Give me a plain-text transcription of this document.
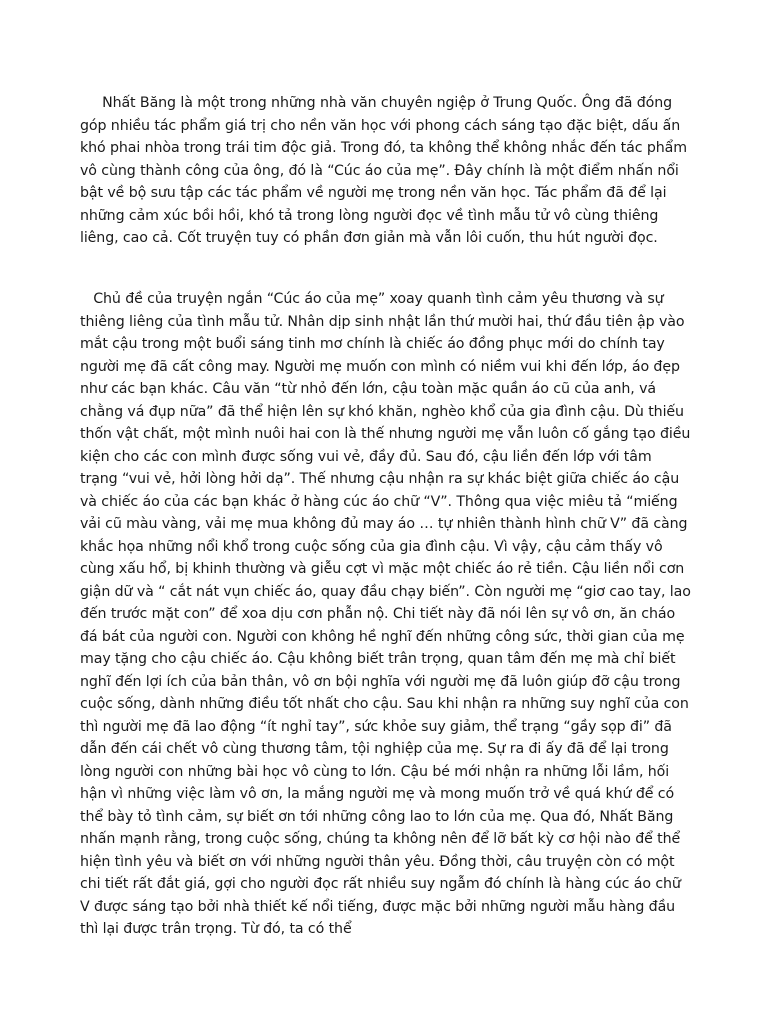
Nhất Băng là một trong những nhà văn chuyên ngiệp ở Trung Quốc. Ông đã đóng góp nhiều tác phẩm giá trị cho nền văn học với phong cách sáng tạo đặc biệt, dấu ấn khó phai nhòa trong trái tim độc giả. Trong đó, ta không thể không nhắc đến tác phẩm vô cùng thành công của ông, đó là “Cúc áo của mẹ”. Đây chính là một điểm nhấn nổi bật về bộ sưu tập các tác phẩm về người mẹ trong nền văn học. Tác phẩm đã để lại những cảm xúc bồi hồi, khó tả trong lòng người đọc về tình mẫu tử vô cùng thiêng liêng, cao cả. Cốt truyện tuy có phần đơn giản mà vẫn lôi cuốn, thu hút người đọc.

Chủ đề của truyện ngắn “Cúc áo của mẹ” xoay quanh tình cảm yêu thương và sự thiêng liêng của tình mẫu tử. Nhân dịp sinh nhật lần thứ mười hai, thứ đầu tiên ập vào mắt cậu trong một buổi sáng tinh mơ chính là chiếc áo đồng phục mới do chính tay người mẹ đã cất công may. Người mẹ muốn con mình có niềm vui khi đến lớp, áo đẹp như các bạn khác. Câu văn “từ nhỏ đến lớn, cậu toàn mặc quần áo cũ của anh, vá chằng vá đụp nữa” đã thể hiện lên sự khó khăn, nghèo khổ của gia đình cậu. Dù thiếu thốn vật chất, một mình nuôi hai con là thế nhưng người mẹ vẫn luôn cố gắng tạo điều kiện cho các con mình được sống vui vẻ, đầy đủ. Sau đó, cậu liền đến lớp với tâm trạng “vui vẻ, hởi lòng hởi dạ”. Thế nhưng cậu nhận ra sự khác biệt giữa chiếc áo cậu và chiếc áo của các bạn khác ở hàng cúc áo chữ “V”. Thông qua việc miêu tả “miếng vải cũ màu vàng, vải mẹ mua không đủ may áo … tự nhiên thành hình chữ V” đã càng khắc họa những nổi khổ trong cuộc sống của gia đình cậu. Vì vậy, cậu cảm thấy vô cùng xấu hổ, bị khinh thường và giễu cợt vì mặc một chiếc áo rẻ tiền. Cậu liền nổi cơn giận dữ và “ cắt nát vụn chiếc áo, quay đầu chạy biến”. Còn người mẹ “giơ cao tay, lao đến trước mặt con” để xoa dịu cơn phẫn nộ. Chi tiết này đã nói lên sự vô ơn, ăn cháo đá bát của người con. Người con không hề nghĩ đến những công sức, thời gian của mẹ may tặng cho cậu chiếc áo. Cậu không biết trân trọng, quan tâm đến mẹ mà chỉ biết nghĩ đến lợi ích của bản thân, vô ơn bội nghĩa với người mẹ đã luôn giúp đỡ cậu trong cuộc sống, dành những điều tốt nhất cho cậu. Sau khi nhận ra những suy nghĩ của con thì người mẹ đã lao động “ít nghỉ tay”, sức khỏe suy giảm, thể trạng “gầy sọp đi” đã dẫn đến cái chết vô cùng thương tâm, tội nghiệp của mẹ. Sự ra đi ấy đã để lại trong lòng người con những bài học vô cùng to lớn. Cậu bé mới nhận ra những lỗi lầm, hối hận vì những việc làm vô ơn, la mắng người mẹ và mong muốn trở về quá khứ để có thể bày tỏ tình cảm, sự biết ơn tới những công lao to lớn của mẹ. Qua đó, Nhất Băng nhấn mạnh rằng, trong cuộc sống, chúng ta không nên để lỡ bất kỳ cơ hội nào để thể hiện tình yêu và biết ơn với những người thân yêu. Đồng thời, câu truyện còn có một chi tiết rất đắt giá, gợi cho người đọc rất nhiều suy ngẫm đó chính là hàng cúc áo chữ V được sáng tạo bởi nhà thiết kế nổi tiếng, được mặc bởi những người mẫu hàng đầu thì lại được trân trọng. Từ đó, ta có thể
